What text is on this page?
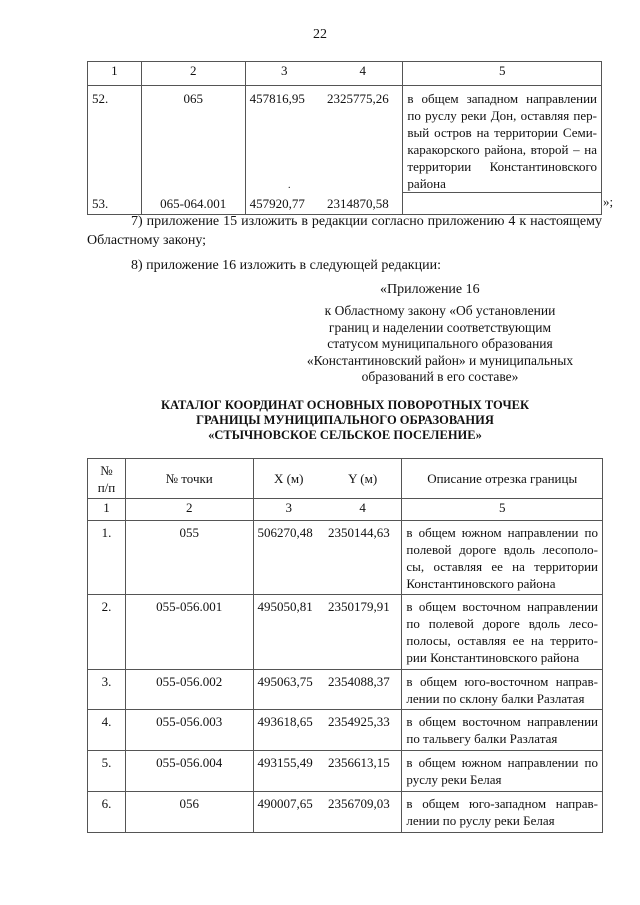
22
1	2	3	4	5
52.	065	457816,95	2325775,26	в общем западном направлении по руслу реки Дон, оставляя пер-вый остров на территории Семи-каракорского района, второй – на территории Константиновского района
53.	065-064.001	457920,77	2314870,58	
.
»;
7) приложение 15 изложить в редакции согласно приложению 4 к настоящему Областному закону;
8) приложение 16 изложить в следующей редакции:
«Приложение 16
к Областному закону «Об установлении
границ и наделении соответствующим
статусом муниципального образования
«Константиновский район» и муниципальных
образований в его составе»
КАТАЛОГ КООРДИНАТ ОСНОВНЫХ ПОВОРОТНЫХ ТОЧЕК
ГРАНИЦЫ МУНИЦИПАЛЬНОГО ОБРАЗОВАНИЯ
«СТЫЧНОВСКОЕ СЕЛЬСКОЕ ПОСЕЛЕНИЕ»
№
п/п	№ точки	X (м)	Y (м)	Описание отрезка границы
1	2	3	4	5
1.	055	506270,48	2350144,63	в общем южном направлении по полевой дороге вдоль лесополо-сы, оставляя ее на территории Константиновского района
2.	055-056.001	495050,81	2350179,91	в общем восточном направлении по полевой дороге вдоль лесо-полосы, оставляя ее на террито-рии Константиновского района
3.	055-056.002	495063,75	2354088,37	в общем юго-восточном направ-лении по склону балки Разлатая
4.	055-056.003	493618,65	2354925,33	в общем восточном направлении по тальвегу балки Разлатая
5.	055-056.004	493155,49	2356613,15	в общем южном направлении по руслу реки Белая
6.	056	490007,65	2356709,03	в общем юго-западном направ-лении по руслу реки Белая
